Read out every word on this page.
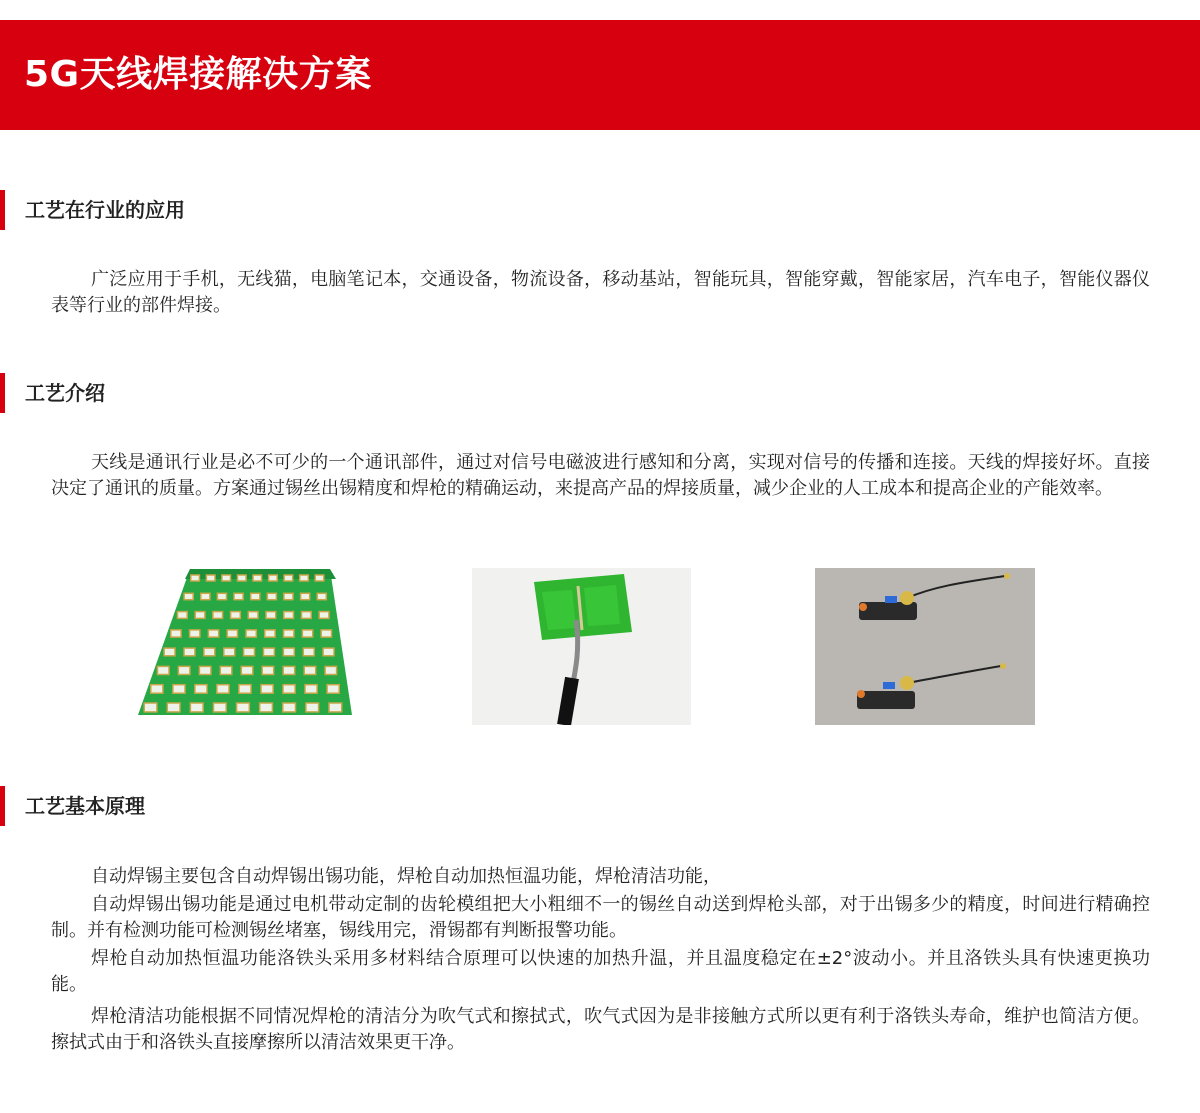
5G天线焊接解决方案
工艺在行业的应用

广泛应用于手机，无线猫，电脑笔记本，交通设备，物流设备，移动基站，智能玩具，智能穿戴，智能家居，汽车电子，智能仪器仪表等行业的部件焊接。

工艺介绍

天线是通讯行业是必不可少的一个通讯部件，通过对信号电磁波进行感知和分离，实现对信号的传播和连接。天线的焊接好坏。直接决定了通讯的质量。方案通过锡丝出锡精度和焊枪的精确运动，来提高产品的焊接质量，减少企业的人工成本和提高企业的产能效率。

工艺基本原理

自动焊锡主要包含自动焊锡出锡功能，焊枪自动加热恒温功能，焊枪清洁功能，

自动焊锡出锡功能是通过电机带动定制的齿轮模组把大小粗细不一的锡丝自动送到焊枪头部，对于出锡多少的精度，时间进行精确控制。并有检测功能可检测锡丝堵塞，锡线用完，滑锡都有判断报警功能。

焊枪自动加热恒温功能洛铁头采用多材料结合原理可以快速的加热升温，并且温度稳定在±2°波动小。并且洛铁头具有快速更换功能。

焊枪清洁功能根据不同情况焊枪的清洁分为吹气式和擦拭式，吹气式因为是非接触方式所以更有利于洛铁头寿命，维护也简洁方便。擦拭式由于和洛铁头直接摩擦所以清洁效果更干净。
